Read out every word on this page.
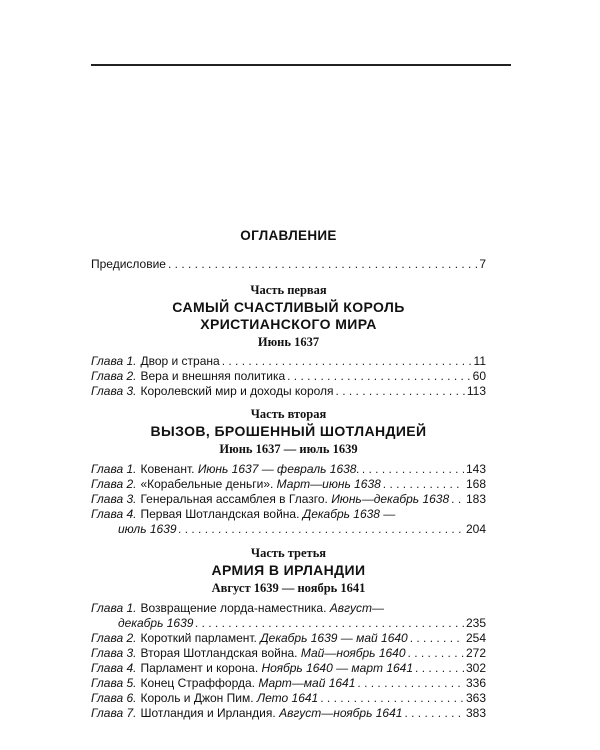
ОГЛАВЛЕНИЕ
Предисловие . . .	7
Часть первая
САМЫЙ СЧАСТЛИВЫЙ КОРОЛЬ
ХРИСТИАНСКОГО МИРА
Июнь 1637
Глава 1. Двор и страна . . .	11
Глава 2. Вера и внешняя политика . . .	60
Глава 3. Королевский мир и доходы короля . . .	113
Часть вторая
ВЫЗОВ, БРОШЕННЫЙ ШОТЛАНДИЕЙ
Июнь 1637 — июль 1639
Глава 1. Ковенант. Июнь 1637 — февраль 1638. . . .	143
Глава 2. «Корабельные деньги». Март—июнь 1638 . . .	168
Глава 3. Генеральная ассамблея в Глазго. Июнь—декабрь 1638 . . . 183
Глава 4. Первая Шотландская война. Декабрь 1638 —
июль 1639 . . .	204
Часть третья
АРМИЯ В ИРЛАНДИИ
Август 1639 — ноябрь 1641
Глава 1. Возвращение лорда-наместника. Август—
декабрь 1639 . . .	235
Глава 2. Короткий парламент. Декабрь 1639 — май 1640 . . .	254
Глава 3. Вторая Шотландская война. Май—ноябрь 1640 . . .	272
Глава 4. Парламент и корона. Ноябрь 1640 — март 1641 . . .	302
Глава 5. Конец Страффорда. Март—май 1641 . . .	336
Глава 6. Король и Джон Пим. Лето 1641 . . .	363
Глава 7. Шотландия и Ирландия. Август—ноябрь 1641 . . .	383
